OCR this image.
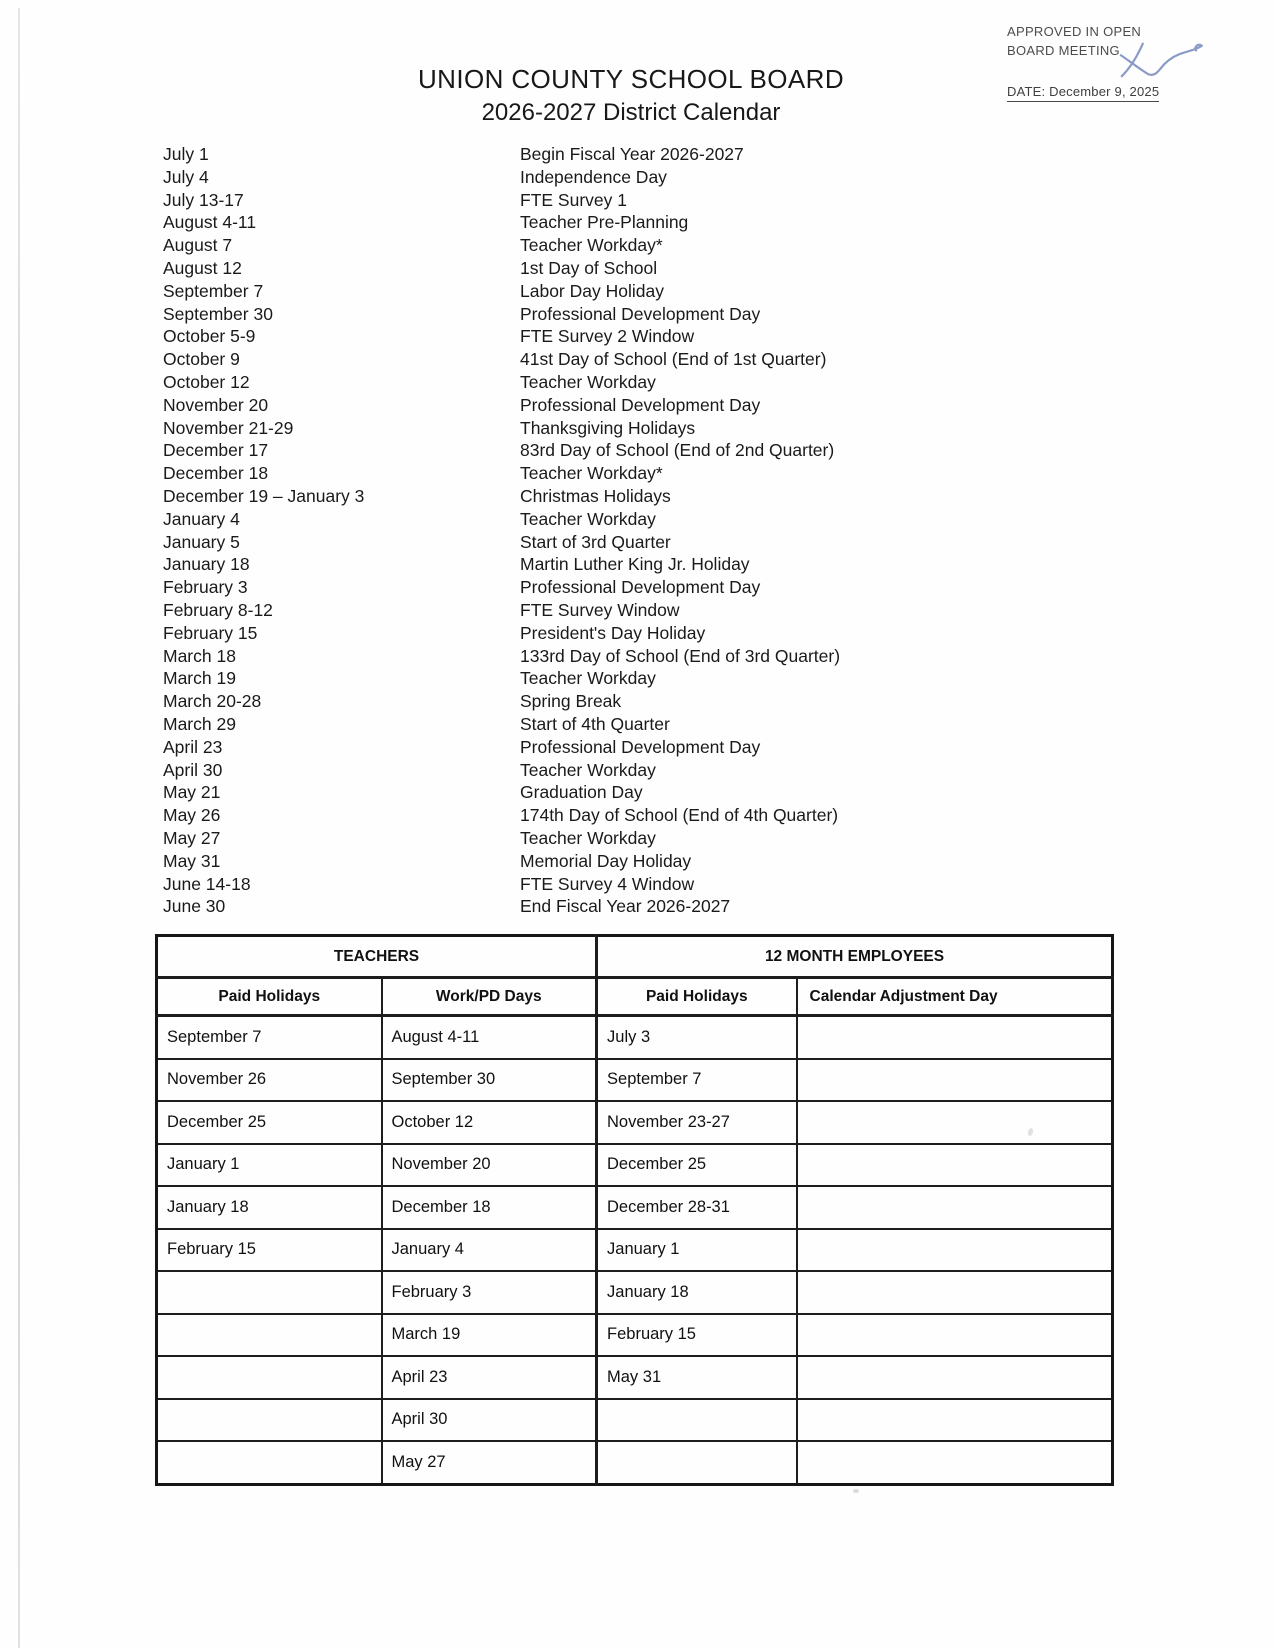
APPROVED IN OPEN
BOARD MEETING
DATE: December 9, 2025
UNION COUNTY SCHOOL BOARD
2026-2027 District Calendar
July 1	Begin Fiscal Year 2026-2027
July 4	Independence Day
July 13-17	FTE Survey 1
August 4-11	Teacher Pre-Planning
August 7	Teacher Workday*
August 12	1st Day of School
September 7	Labor Day Holiday
September 30	Professional Development Day
October 5-9	FTE Survey 2 Window
October 9	41st Day of School (End of 1st Quarter)
October 12	Teacher Workday
November 20	Professional Development Day
November 21-29	Thanksgiving Holidays
December 17	83rd Day of School (End of 2nd Quarter)
December 18	Teacher Workday*
December 19 – January 3	Christmas Holidays
January 4	Teacher Workday
January 5	Start of 3rd Quarter
January 18	Martin Luther King Jr. Holiday
February 3	Professional Development Day
February 8-12	FTE Survey Window
February 15	President's Day Holiday
March 18	133rd Day of School (End of 3rd Quarter)
March 19	Teacher Workday
March 20-28	Spring Break
March 29	Start of 4th Quarter
April 23	Professional Development Day
April 30	Teacher Workday
May 21	Graduation Day
May 26	174th Day of School (End of 4th Quarter)
May 27	Teacher Workday
May 31	Memorial Day Holiday
June 14-18	FTE Survey 4 Window
June 30	End Fiscal Year 2026-2027
TEACHERS		12 MONTH EMPLOYEES	
Paid Holidays	Work/PD Days	Paid Holidays	Calendar Adjustment Day
September 7	August 4-11	July 3	
November 26	September 30	September 7	
December 25	October 12	November 23-27	
January 1	November 20	December 25	
January 18	December 18	December 28-31	
February 15	January 4	January 1	
	February 3	January 18	
	March 19	February 15	
	April 23	May 31	
	April 30		
	May 27		
